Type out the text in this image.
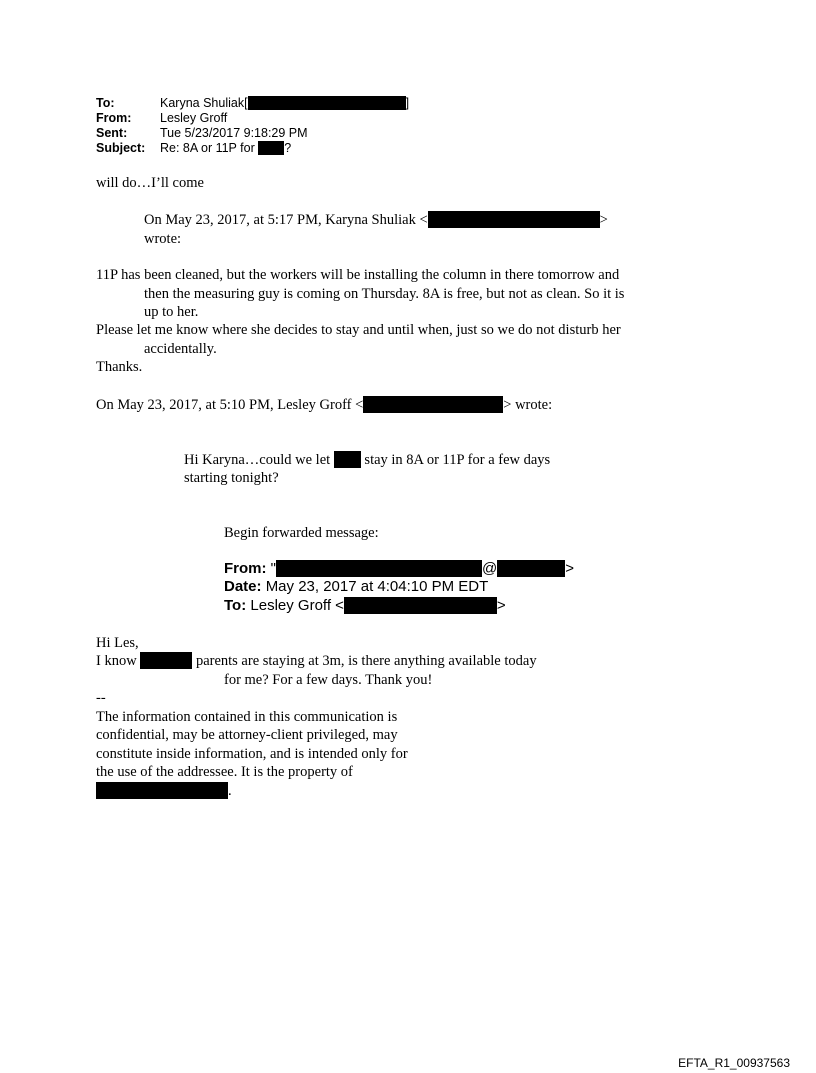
To:	Karyna Shuliak[	]
From: Lesley Groff
Sent:	Tue 5/23/2017 9:18:29 PM
Subject: Re: 8A or 11P for ?
will do…I’ll come
On May 23, 2017, at 5:17 PM, Karyna Shuliak <	>
wrote:
11P has been cleaned, but the workers will be installing the column in there tomorrow and
then the measuring guy is coming on Thursday. 8A is free, but not as clean. So it is
up to her.
Please let me know where she decides to stay and until when, just so we do not disturb her
accidentally.
Thanks.
On May 23, 2017, at 5:10 PM, Lesley Groff <	> wrote:
Hi Karyna…could we let stay in 8A or 11P for a few days
starting tonight?
Begin forwarded message:
From: "	@	>
Date: May 23, 2017 at 4:04:10 PM EDT
To: Lesley Groff <	>
Hi Les,
I know	parents are staying at 3m, is there anything available today
for me? For a few days. Thank you!
--
The information contained in this communication is
confidential, may be attorney-client privileged, may
constitute inside information, and is intended only for
the use of the addressee. It is the property of
.
EFTA_R1_00937563
